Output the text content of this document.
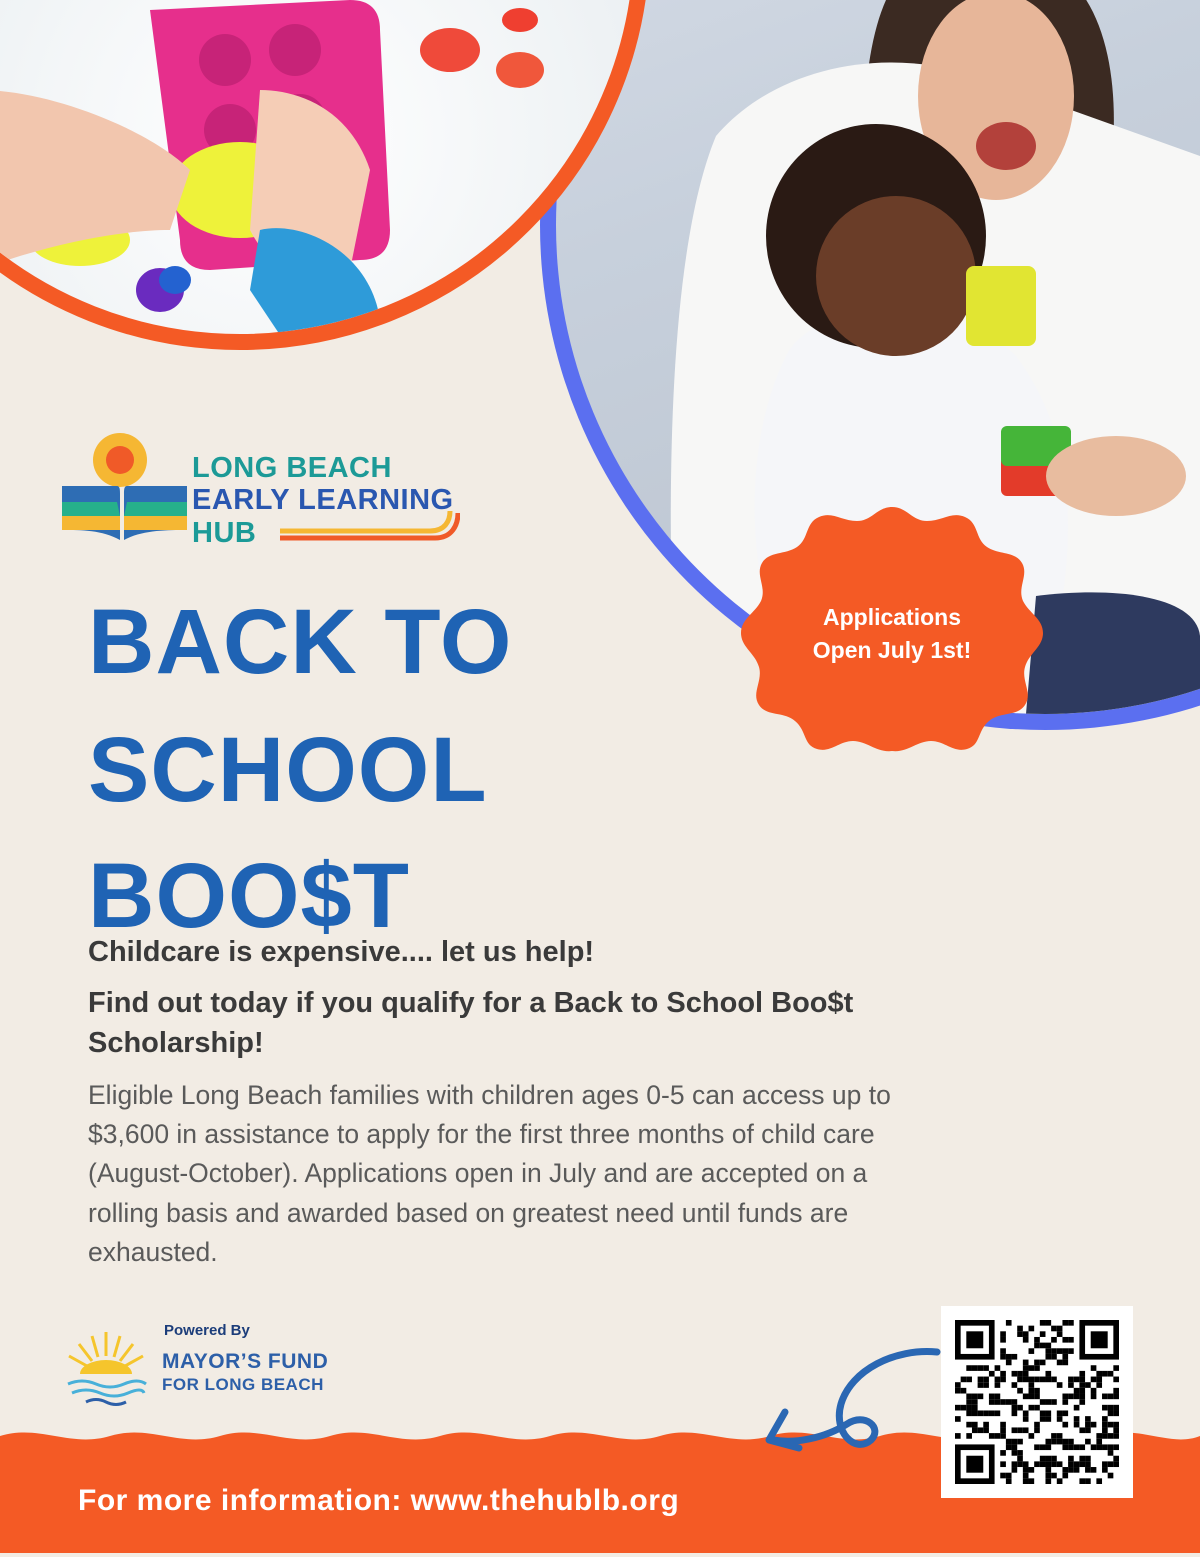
LONG BEACH
EARLY LEARNING
HUB
BACK TO
SCHOOL
BOO$T
Applications
Open July 1st!

Childcare is expensive.... let us help!

Find out today if you qualify for a Back to School Boo$t

Scholarship!

Eligible Long Beach families with children ages 0-5 can access up to
$3,600 in assistance to apply for the first three months of child care
(August-October). Applications open in July and are accepted on a
rolling basis and awarded based on greatest need until funds are
exhausted.
Powered By
MAYOR’S FUND
FOR LONG BEACH
For more information: www.thehublb.org
